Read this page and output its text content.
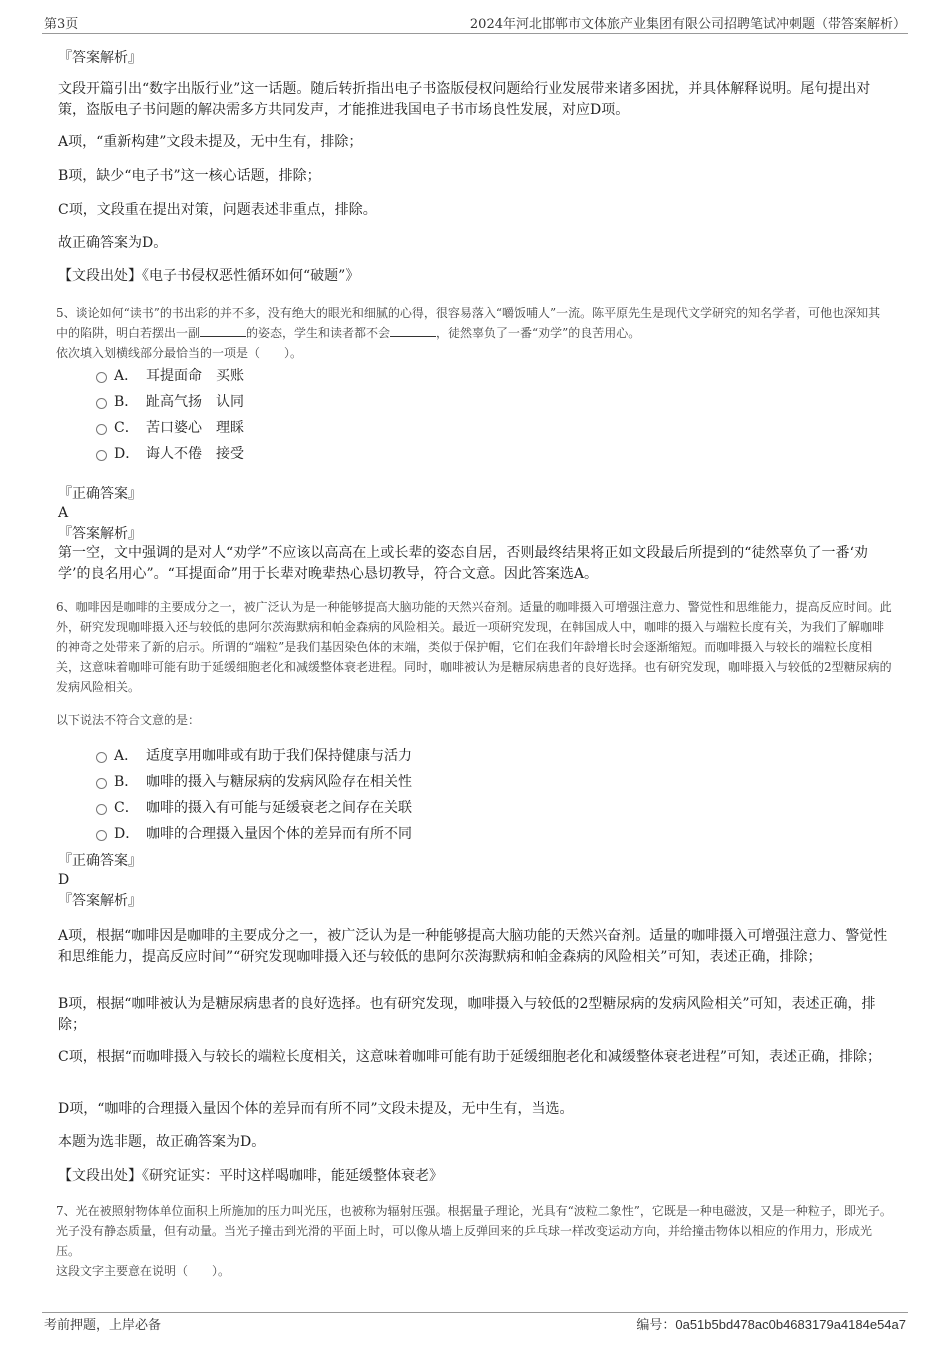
第3页	2024年河北邯郸市文体旅产业集团有限公司招聘笔试冲刺题（带答案解析）
『答案解析』
文段开篇引出“数字出版行业”这一话题。随后转折指出电子书盗版侵权问题给行业发展带来诸多困扰，并具体解释说明。尾句提出对策，盗版电子书问题的解决需多方共同发声，才能推进我国电子书市场良性发展，对应D项。
A项，“重新构建”文段未提及，无中生有，排除；
B项，缺少“电子书”这一核心话题，排除；
C项，文段重在提出对策，问题表述非重点，排除。
故正确答案为D。
【文段出处】《电子书侵权恶性循环如何“破题”》
5、谈论如何“读书”的书出彩的并不多，没有绝大的眼光和细腻的心得，很容易落入“嚼饭哺人”一流。陈平原先生是现代文学研究的知名学者，可他也深知其中的陷阱，明白若摆出一副	的姿态，学生和读者都不会	，徒然辜负了一番“劝学”的良苦用心。
依次填入划横线部分最恰当的一项是（　　）。
A． 耳提面命　买账
B． 趾高气扬　认同
C． 苦口婆心　理睬
D． 诲人不倦　接受
『正确答案』
A
『答案解析』
第一空，文中强调的是对人“劝学”不应该以高高在上或长辈的姿态自居，否则最终结果将正如文段最后所提到的“徒然辜负了一番‘劝学’的良名用心”。“耳提面命”用于长辈对晚辈热心恳切教导，符合文意。因此答案选A。
6、咖啡因是咖啡的主要成分之一，被广泛认为是一种能够提高大脑功能的天然兴奋剂。适量的咖啡摄入可增强注意力、警觉性和思维能力，提高反应时间。此外，研究发现咖啡摄入还与较低的患阿尔茨海默病和帕金森病的风险相关。最近一项研究发现，在韩国成人中，咖啡的摄入与端粒长度有关，为我们了解咖啡的神奇之处带来了新的启示。所谓的“端粒”是我们基因染色体的末端，类似于保护帽，它们在我们年龄增长时会逐渐缩短。而咖啡摄入与较长的端粒长度相关，这意味着咖啡可能有助于延缓细胞老化和减缓整体衰老进程。同时，咖啡被认为是糖尿病患者的良好选择。也有研究发现，咖啡摄入与较低的2型糖尿病的发病风险相关。
以下说法不符合文意的是：
A． 适度享用咖啡或有助于我们保持健康与活力
B． 咖啡的摄入与糖尿病的发病风险存在相关性
C． 咖啡的摄入有可能与延缓衰老之间存在关联
D． 咖啡的合理摄入量因个体的差异而有所不同
『正确答案』
D
『答案解析』
A项，根据“咖啡因是咖啡的主要成分之一，被广泛认为是一种能够提高大脑功能的天然兴奋剂。适量的咖啡摄入可增强注意力、警觉性和思维能力，提高反应时间”“研究发现咖啡摄入还与较低的患阿尔茨海默病和帕金森病的风险相关”可知，表述正确，排除；
B项，根据“咖啡被认为是糖尿病患者的良好选择。也有研究发现，咖啡摄入与较低的2型糖尿病的发病风险相关”可知，表述正确，排除；
C项，根据“而咖啡摄入与较长的端粒长度相关，这意味着咖啡可能有助于延缓细胞老化和减缓整体衰老进程”可知，表述正确，排除；
D项，“咖啡的合理摄入量因个体的差异而有所不同”文段未提及，无中生有，当选。
本题为选非题，故正确答案为D。
【文段出处】《研究证实：平时这样喝咖啡，能延缓整体衰老》
7、光在被照射物体单位面积上所施加的压力叫光压，也被称为辐射压强。根据量子理论，光具有“波粒二象性”，它既是一种电磁波，又是一种粒子，即光子。光子没有静态质量，但有动量。当光子撞击到光滑的平面上时，可以像从墙上反弹回来的乒乓球一样改变运动方向，并给撞击物体以相应的作用力，形成光压。
这段文字主要意在说明（　　）。
考前押题，上岸必备	编号：0a51b5bd478ac0b4683179a4184e54a7
